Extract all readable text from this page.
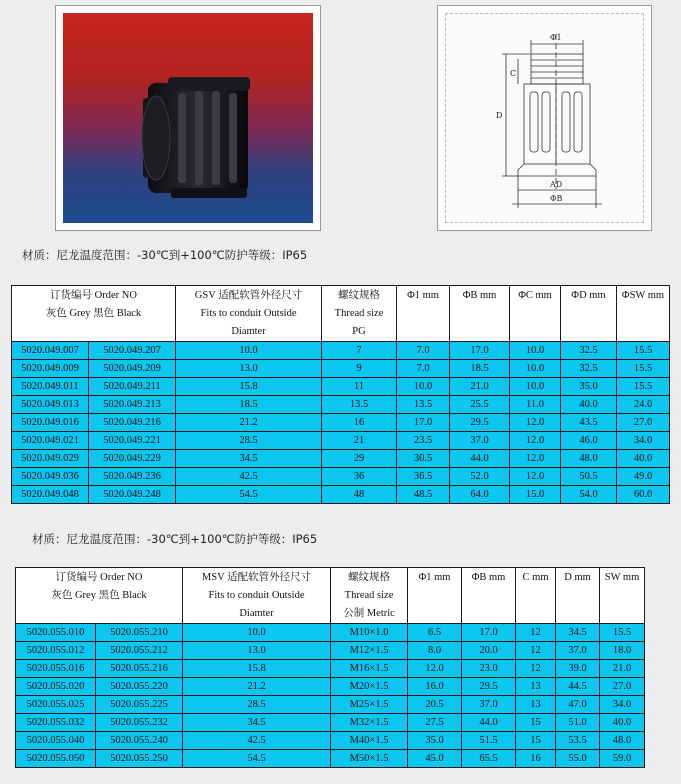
Φ1
C
D
AD
ΦB
材质：尼龙温度范围：-30℃到+100℃防护等级：IP65
订货编号 Order NO
灰色 Grey 黑色 Black		GSV 适配软管外径尺寸
Fits to conduit Outside
Diamter	螺纹规格
Thread size
PG	Φ1 mm	ΦB mm	ΦC mm	ΦD mm	ΦSW mm
5020.049.007	5020.049.207	10.0	7	7.0	17.0	10.0	32.5	15.5
5020.049.009	5020.049.209	13.0	9	7.0	18.5	10.0	32.5	15.5
5020.049.011	5020.049.211	15.8	11	10.0	21.0	10.0	35.0	15.5
5020.049.013	5020.049.213	18.5	13.5	13.5	25.5	11.0	40.0	24.0
5020.049.016	5020.049.216	21.2	16	17.0	29.5	12.0	43.5	27.0
5020.049.021	5020.049.221	28.5	21	23.5	37.0	12.0	46.0	34.0
5020.049.029	5020.049.229	34.5	29	30.5	44.0	12.0	48.0	40.0
5020.049.036	5020.049.236	42.5	36	36.5	52.0	12.0	50.5	49.0
5020.049.048	5020.049.248	54.5	48	48.5	64.0	15.0	54.0	60.0
材质：尼龙温度范围：-30℃到+100℃防护等级：IP65
订货编号 Order NO
灰色 Grey 黑色 Black		MSV 适配软管外径尺寸
Fits to conduit Outside
Diamter	螺纹规格
Thread size
公制 Metric	Φ1 mm	ΦB mm	C mm	D mm	SW mm
5020.055.010	5020.055.210	10.0	M10×1.0	6.5	17.0	12	34.5	15.5
5020.055.012	5020.055.212	13.0	M12×1.5	8.0	20.0	12	37.0	18.0
5020.055.016	5020.055.216	15.8	M16×1.5	12.0	23.0	12	39.0	21.0
5020.055.020	5020.055.220	21.2	M20×1.5	16.0	29.5	13	44.5	27.0
5020.055.025	5020.055.225	28.5	M25×1.5	20.5	37.0	13	47.0	34.0
5020.055.032	5020.055.232	34.5	M32×1.5	27.5	44.0	15	51.0	40.0
5020.055.040	5020.055.240	42.5	M40×1.5	35.0	51.5	15	53.5	48.0
5020.055.050	5020.055.250	54.5	M50×1.5	45.0	65.5	16	55.0	59.0
